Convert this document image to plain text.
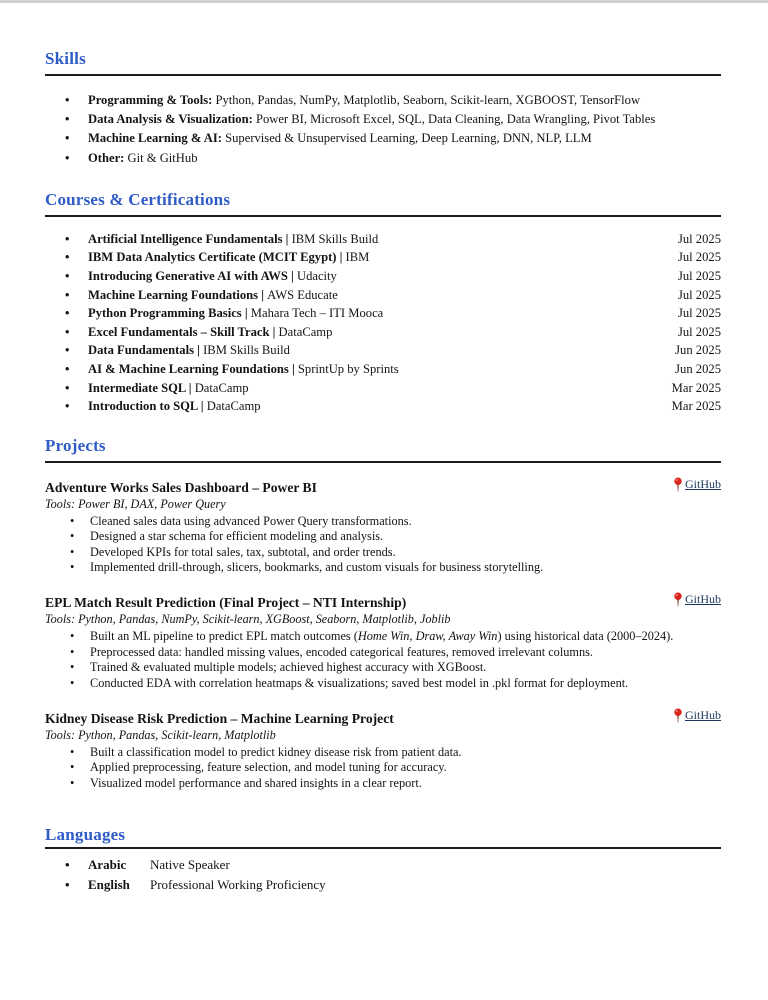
Skills
• Programming & Tools: Python, Pandas, NumPy, Matplotlib, Seaborn, Scikit-learn, XGBOOST, TensorFlow
• Data Analysis & Visualization: Power BI, Microsoft Excel, SQL, Data Cleaning, Data Wrangling, Pivot Tables
• Machine Learning & AI: Supervised & Unsupervised Learning, Deep Learning, DNN, NLP, LLM
• Other: Git & GitHub
Courses & Certifications
• Artificial Intelligence Fundamentals | IBM Skills Build	Jul 2025
• IBM Data Analytics Certificate (MCIT Egypt) | IBM	Jul 2025
• Introducing Generative AI with AWS | Udacity	Jul 2025
• Machine Learning Foundations | AWS Educate	Jul 2025
• Python Programming Basics | Mahara Tech – ITI Mooca	Jul 2025
• Excel Fundamentals – Skill Track | DataCamp	Jul 2025
• Data Fundamentals | IBM Skills Build	Jun 2025
• AI & Machine Learning Foundations | SprintUp by Sprints	Jun 2025
• Intermediate SQL | DataCamp	Mar 2025
• Introduction to SQL | DataCamp	Mar 2025
Projects
Adventure Works Sales Dashboard – Power BI	GitHub
Tools: Power BI, DAX, Power Query
• Cleaned sales data using advanced Power Query transformations.
• Designed a star schema for efficient modeling and analysis.
• Developed KPIs for total sales, tax, subtotal, and order trends.
• Implemented drill-through, slicers, bookmarks, and custom visuals for business storytelling.
EPL Match Result Prediction (Final Project – NTI Internship)	GitHub
Tools: Python, Pandas, NumPy, Scikit-learn, XGBoost, Seaborn, Matplotlib, Joblib
• Built an ML pipeline to predict EPL match outcomes (Home Win, Draw, Away Win) using historical data (2000–2024).
• Preprocessed data: handled missing values, encoded categorical features, removed irrelevant columns.
• Trained & evaluated multiple models; achieved highest accuracy with XGBoost.
• Conducted EDA with correlation heatmaps & visualizations; saved best model in .pkl format for deployment.
Kidney Disease Risk Prediction – Machine Learning Project	GitHub
Tools: Python, Pandas, Scikit-learn, Matplotlib
• Built a classification model to predict kidney disease risk from patient data.
• Applied preprocessing, feature selection, and model tuning for accuracy.
• Visualized model performance and shared insights in a clear report.
Languages
• Arabic	Native Speaker
• English	Professional Working Proficiency
